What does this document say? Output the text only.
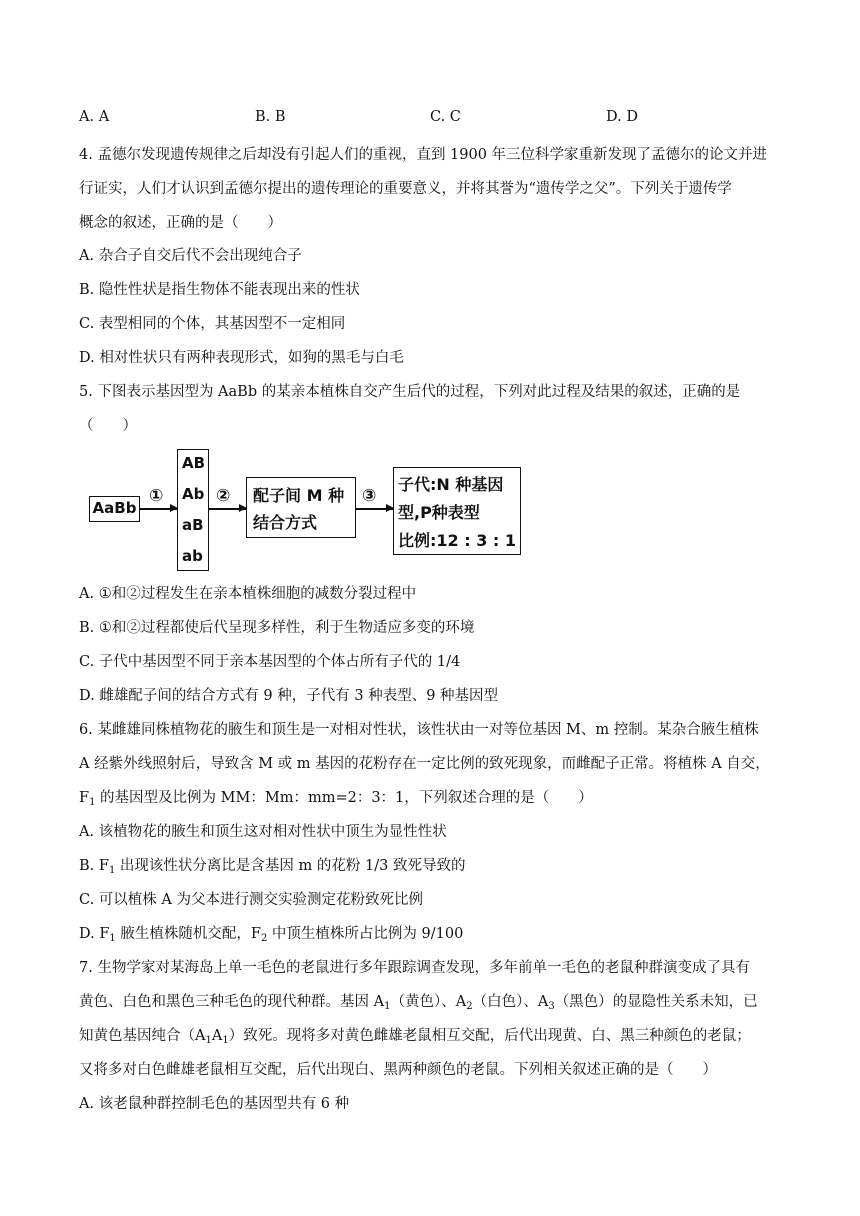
A. A	B. B	C. C	D. D
4. 孟德尔发现遗传规律之后却没有引起人们的重视，直到 1900 年三位科学家重新发现了孟德尔的论文并进
行证实，人们才认识到孟德尔提出的遗传理论的重要意义，并将其誉为“遗传学之父”。下列关于遗传学
概念的叙述，正确的是（　　）
A. 杂合子自交后代不会出现纯合子
B. 隐性性状是指生物体不能表现出来的性状
C. 表型相同的个体，其基因型不一定相同
D. 相对性状只有两种表现形式，如狗的黑毛与白毛
5. 下图表示基因型为 AaBb 的某亲本植株自交产生后代的过程，下列对此过程及结果的叙述，正确的是
（　　）
AaBb
①
AB
Ab
aB
ab
② 配子间 M 种
结合方式
③
子代:N 种基因
型,P种表型
比例:12 : 3 : 1
A. ①和②过程发生在亲本植株细胞的减数分裂过程中
B. ①和②过程都使后代呈现多样性，利于生物适应多变的环境
C. 子代中基因型不同于亲本基因型的个体占所有子代的 1/4
D. 雌雄配子间的结合方式有 9 种，子代有 3 种表型、9 种基因型
6. 某雌雄同株植物花的腋生和顶生是一对相对性状，该性状由一对等位基因 M、m 控制。某杂合腋生植株
A 经紫外线照射后，导致含 M 或 m 基因的花粉存在一定比例的致死现象，而雌配子正常。将植株 A 自交，
$F_1$ 的基因型及比例为 MM：Mm：mm=2：3：1，下列叙述合理的是（　　）
A. 该植物花的腋生和顶生这对相对性状中顶生为显性性状
B. $F_1$ 出现该性状分离比是含基因 m 的花粉 1/3 致死导致的
C. 可以植株 A 为父本进行测交实验测定花粉致死比例
D. $F_1$ 腋生植株随机交配，$F_2$ 中顶生植株所占比例为 9/100
7. 生物学家对某海岛上单一毛色的老鼠进行多年跟踪调查发现，多年前单一毛色的老鼠种群演变成了具有
黄色、白色和黑色三种毛色的现代种群。基因 $A_1$（黄色）、$A_2$（白色）、$A_3$（黑色）的显隐性关系未知，已
知黄色基因纯合$(A_1A_1)$致死。现将多对黄色雌雄老鼠相互交配，后代出现黄、白、黑三种颜色的老鼠；
又将多对白色雌雄老鼠相互交配，后代出现白、黑两种颜色的老鼠。下列相关叙述正确的是（　　）
A. 该老鼠种群控制毛色的基因型共有 6 种
